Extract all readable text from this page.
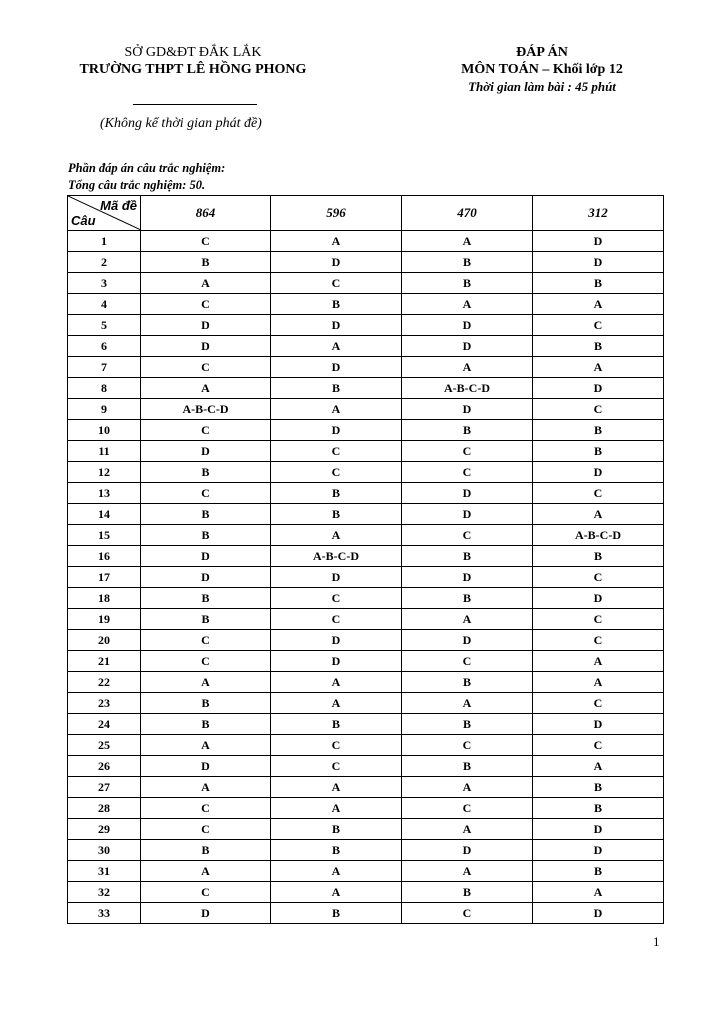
SỞ GD&ĐT ĐẮK LẮK
TRƯỜNG THPT LÊ HỒNG PHONG
(Không kể thời gian phát đề)
ĐÁP ÁN
MÔN TOÁN – Khối lớp 12
Thời gian làm bài : 45 phút
Phần đáp án câu trắc nghiệm:
Tổng câu trắc nghiệm: 50.
Mã đề
Câu	864	596	470	312
1	C	A	A	D
2	B	D	B	D
3	A	C	B	B
4	C	B	A	A
5	D	D	D	C
6	D	A	D	B
7	C	D	A	A
8	A	B	A-B-C-D	D
9	A-B-C-D	A	D	C
10	C	D	B	B
11	D	C	C	B
12	B	C	C	D
13	C	B	D	C
14	B	B	D	A
15	B	A	C	A-B-C-D
16	D	A-B-C-D	B	B
17	D	D	D	C
18	B	C	B	D
19	B	C	A	C
20	C	D	D	C
21	C	D	C	A
22	A	A	B	A
23	B	A	A	C
24	B	B	B	D
25	A	C	C	C
26	D	C	B	A
27	A	A	A	B
28	C	A	C	B
29	C	B	A	D
30	B	B	D	D
31	A	A	A	B
32	C	A	B	A
33	D	B	C	D
1
